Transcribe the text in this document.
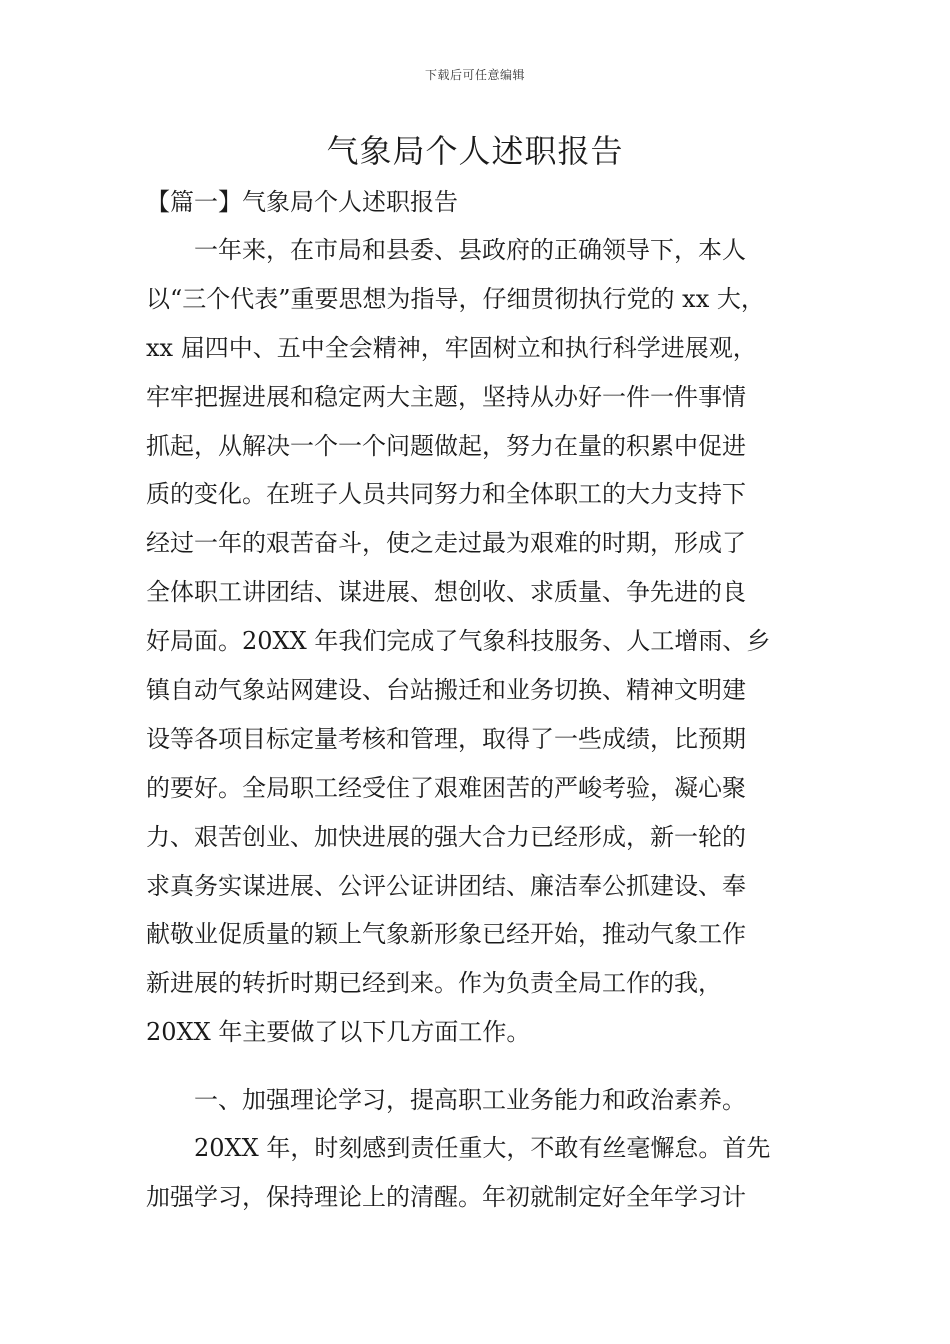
下载后可任意编辑
气象局个人述职报告
【篇一】气象局个人述职报告
一年来，在市局和县委、县政府的正确领导下，本人
以“三个代表”重要思想为指导，仔细贯彻执行党的 xx 大，
xx 届四中、五中全会精神，牢固树立和执行科学进展观，
牢牢把握进展和稳定两大主题，坚持从办好一件一件事情
抓起，从解决一个一个问题做起，努力在量的积累中促进
质的变化。在班子人员共同努力和全体职工的大力支持下
经过一年的艰苦奋斗，使之走过最为艰难的时期，形成了
全体职工讲团结、谋进展、想创收、求质量、争先进的良
好局面。20XX 年我们完成了气象科技服务、人工增雨、乡
镇自动气象站网建设、台站搬迁和业务切换、精神文明建
设等各项目标定量考核和管理，取得了一些成绩，比预期
的要好。全局职工经受住了艰难困苦的严峻考验，凝心聚
力、艰苦创业、加快进展的强大合力已经形成，新一轮的
求真务实谋进展、公评公证讲团结、廉洁奉公抓建设、奉
献敬业促质量的颖上气象新形象已经开始，推动气象工作
新进展的转折时期已经到来。作为负责全局工作的我，
20XX 年主要做了以下几方面工作。
一、加强理论学习，提高职工业务能力和政治素养。
20XX 年，时刻感到责任重大，不敢有丝毫懈怠。首先
加强学习，保持理论上的清醒。年初就制定好全年学习计
